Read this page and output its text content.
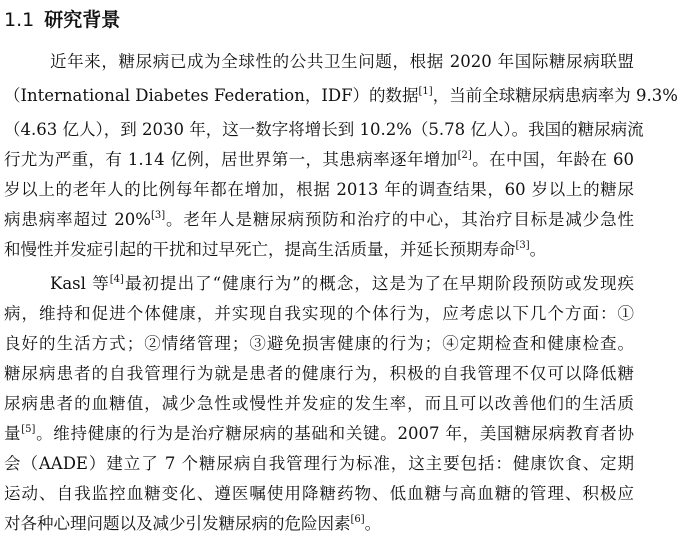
1.1 研究背景
近年来，糖尿病已成为全球性的公共卫生问题，根据 2020 年国际糖尿病联盟
（International Diabetes Federation，IDF）的数据[1]，当前全球糖尿病患病率为 9.3%
（4.63 亿人），到 2030 年，这一数字将增长到 10.2%（5.78 亿人）。我国的糖尿病流
行尤为严重，有 1.14 亿例，居世界第一，其患病率逐年增加[2]。在中国，年龄在 60
岁以上的老年人的比例每年都在增加，根据 2013 年的调查结果，60 岁以上的糖尿
病患病率超过 20%[3]。老年人是糖尿病预防和治疗的中心，其治疗目标是减少急性
和慢性并发症引起的干扰和过早死亡，提高生活质量，并延长预期寿命[3]。
Kasl 等[4]最初提出了“健康行为”的概念，这是为了在早期阶段预防或发现疾
病，维持和促进个体健康，并实现自我实现的个体行为，应考虑以下几个方面：①
良好的生活方式；②情绪管理；③避免损害健康的行为；④定期检查和健康检查。
糖尿病患者的自我管理行为就是患者的健康行为，积极的自我管理不仅可以降低糖
尿病患者的血糖值，减少急性或慢性并发症的发生率，而且可以改善他们的生活质
量[5]。维持健康的行为是治疗糖尿病的基础和关键。2007 年，美国糖尿病教育者协
会（AADE）建立了 7 个糖尿病自我管理行为标准，这主要包括：健康饮食、定期
运动、自我监控血糖变化、遵医嘱使用降糖药物、低血糖与高血糖的管理、积极应
对各种心理问题以及减少引发糖尿病的危险因素[6]。
